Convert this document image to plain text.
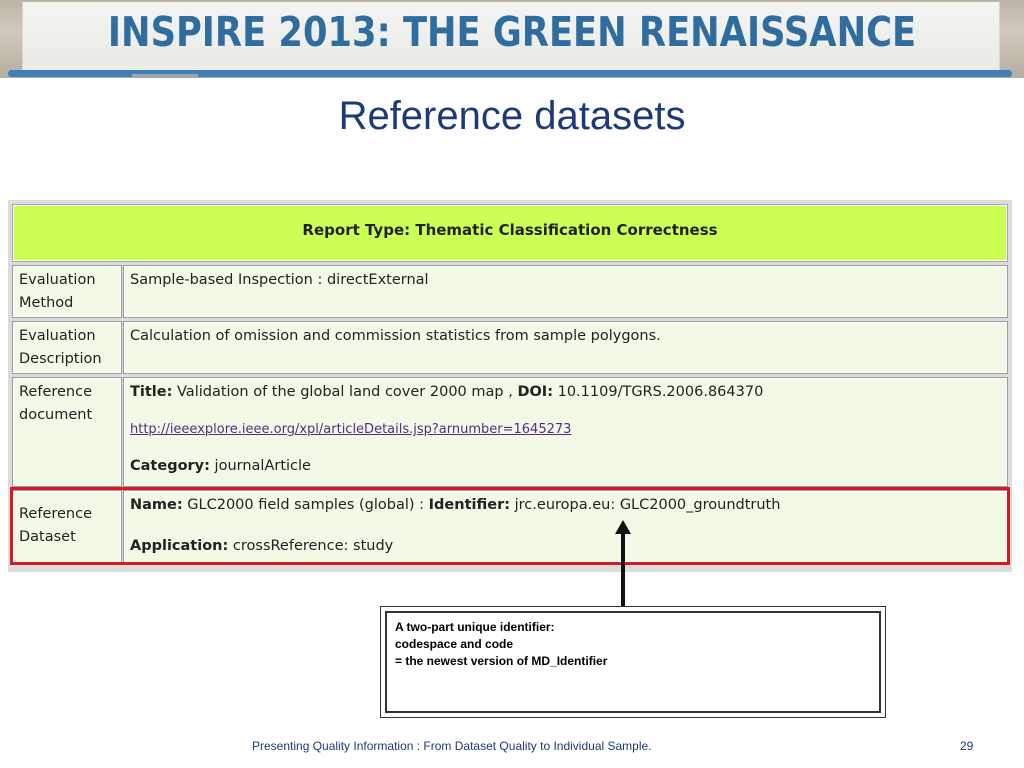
INSPIRE 2013: THE GREEN RENAISSANCE
Reference datasets
Report Type: Thematic Classification Correctness
Evaluation
Method
Sample-based Inspection : directExternal
Evaluation
Description
Calculation of omission and commission statistics from sample polygons.
Reference
document
Title: Validation of the global land cover 2000 map , DOI: 10.1109/TGRS.2006.864370
http://ieeexplore.ieee.org/xpl/articleDetails.jsp?arnumber=1645273
Category: journalArticle
Reference
Dataset
Name: GLC2000 field samples (global) : Identifier: jrc.europa.eu: GLC2000_groundtruth
Application: crossReference: study
A two-part unique identifier:
codespace and code
= the newest version of MD_Identifier
Presenting Quality Information : From Dataset Quality to Individual Sample.	29
